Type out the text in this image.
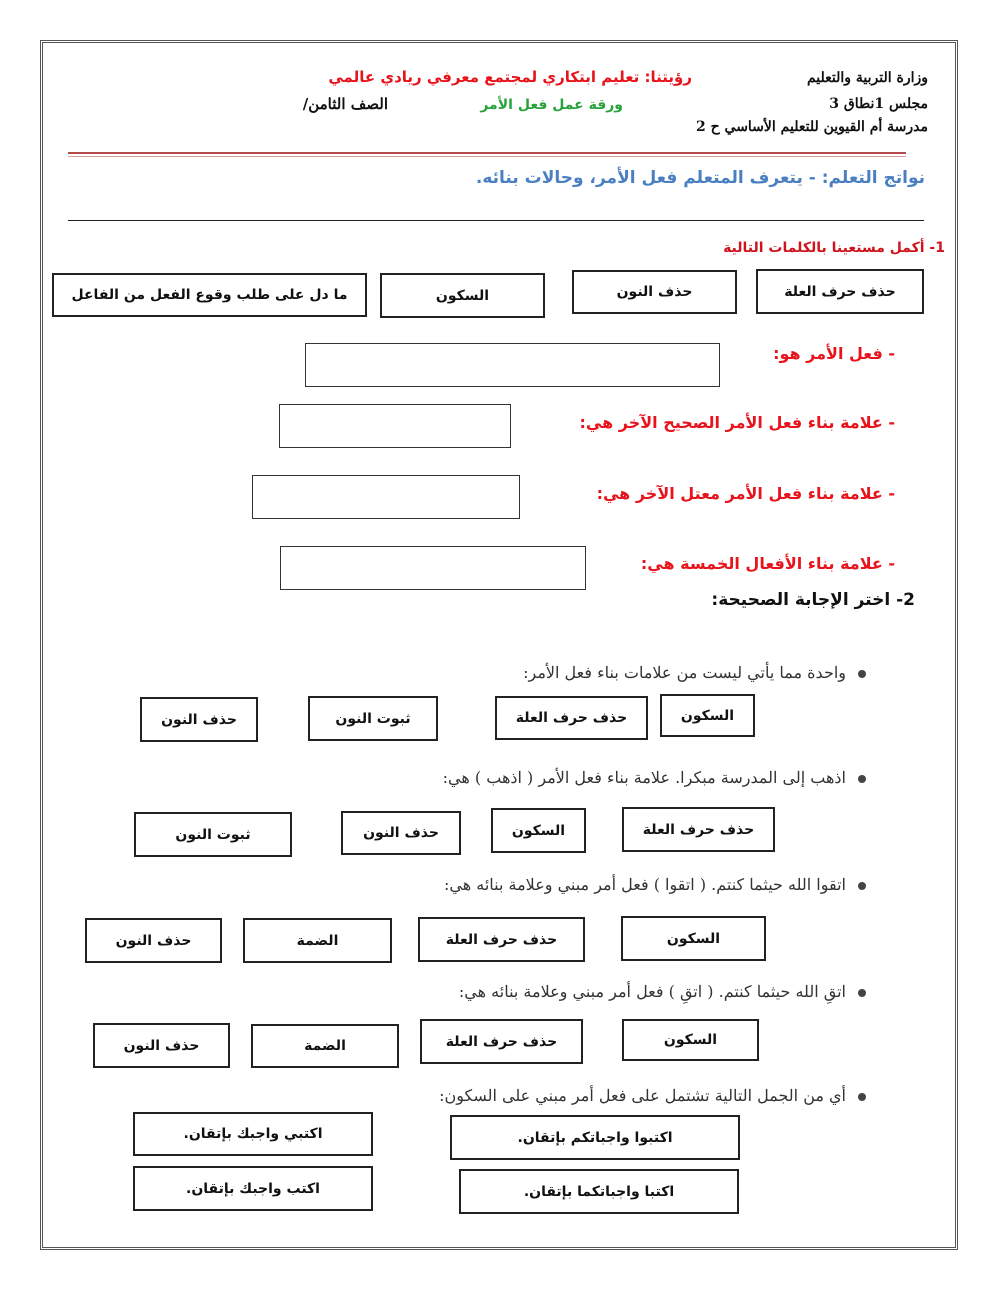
وزارة التربية والتعليم
مجلس 1نطاق 3
مدرسة أم القيوين للتعليم الأساسي ح 2
رؤيتنا: تعليم ابتكاري لمجتمع معرفي ريادي عالمي
ورقة عمل فعل الأمر
الصف الثامن/
نواتج التعلم: - يتعرف المتعلم فعل الأمر، وحالات بنائه.
1- أكمل مستعينا بالكلمات التالية
حذف حرف العلة
حذف النون
السكون
ما دل على طلب وقوع الفعل من الفاعل
- فعل الأمر هو:
- علامة بناء فعل الأمر الصحيح الآخر هي:
- علامة بناء فعل الأمر معتل الآخر هي:
- علامة بناء الأفعال الخمسة هي:
2- اختر الإجابة الصحيحة:
واحدة مما يأتي ليست من علامات بناء فعل الأمر:
السكون
حذف حرف العلة
ثبوت النون
حذف النون
اذهب إلى المدرسة مبكرا. علامة بناء فعل الأمر ( اذهب ) هي:
حذف حرف العلة
السكون
حذف النون
ثبوت النون
اتقوا الله حيثما كنتم. ( اتقوا ) فعل أمر مبني وعلامة بنائه هي:
السكون
حذف حرف العلة
الضمة
حذف النون
اتقِ الله حيثما كنتم. ( اتقِ ) فعل أمر مبني وعلامة بنائه هي:
السكون
حذف حرف العلة
الضمة
حذف النون
أي من الجمل التالية تشتمل على فعل أمر مبني على السكون:
اكتبوا واجباتكم بإتقان.
اكتبي واجبك بإتقان.
اكتبا واجباتكما بإتقان.
اكتب واجبك بإتقان.
